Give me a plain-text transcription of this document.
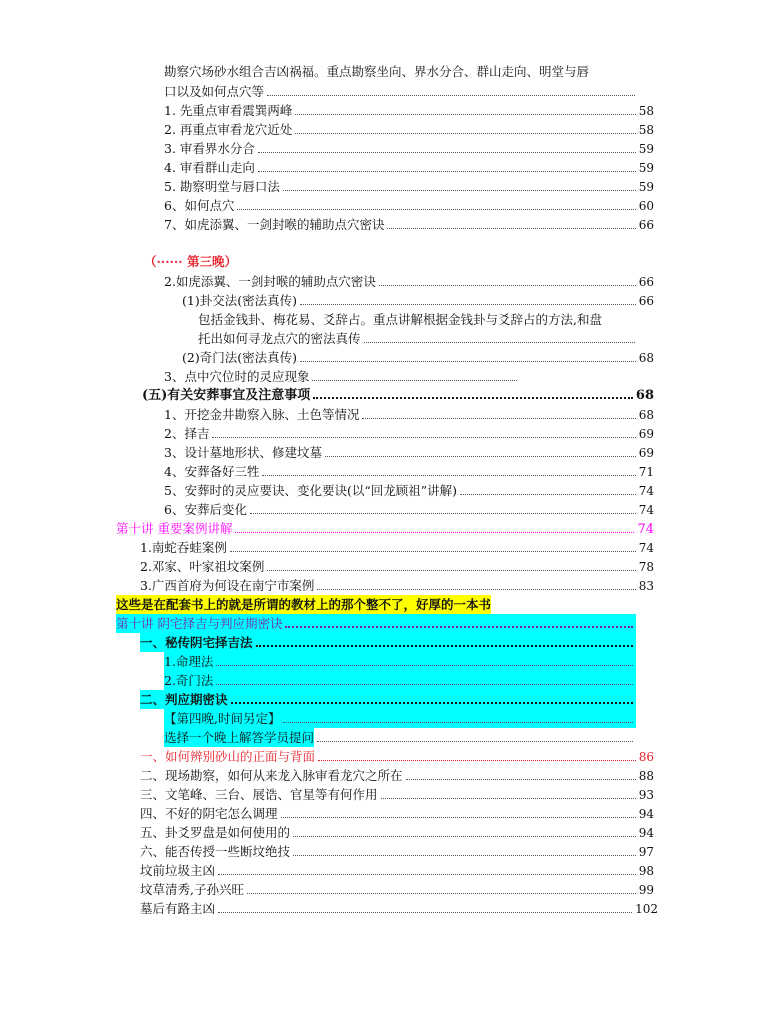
勘察穴场砂水组合吉凶祸福。重点勘察坐向、界水分合、群山走向、明堂与唇
口以及如何点穴等
1. 先重点审看震巽两峰	58
2. 再重点审看龙穴近处	58
3. 审看界水分合	59
4. 审看群山走向	59
5. 勘察明堂与唇口法	59
6、如何点穴	60
7、如虎添翼、一剑封喉的辅助点穴密诀	66
（······ 第三晚）
2.如虎添翼、一剑封喉的辅助点穴密诀	66
(1)卦交法(密法真传)	66
包括金钱卦、梅花易、爻辞占。重点讲解根据金钱卦与爻辞占的方法,和盘
托出如何寻龙点穴的密法真传
(2)奇门法(密法真传)	68
3、点中穴位时的灵应现象
(五)有关安葬事宜及注意事项	68
1、开挖金井勘察入脉、土色等情况	68
2、择吉	69
3、设计墓地形状、修建坟墓	69
4、安葬备好三牲	71
5、安葬时的灵应要诀、变化要诀(以“回龙顾祖”讲解)	74
6、安葬后变化	74
第十讲 重要案例讲解	74
1.南蛇吞蛙案例	74
2.邓家、叶家祖坟案例	78
3.广西首府为何设在南宁市案例	83
这些是在配套书上的就是所谓的教材上的那个整不了，好厚的一本书
第十讲 阴宅择吉与判应期密诀
一、秘传阴宅择吉法
1.命理法
2.奇门法
二、判应期密诀
【第四晚,时间另定】
选择一个晚上解答学员提问
一、如何辨别砂山的正面与背面	86
二、现场勘察，如何从来龙入脉审看龙穴之所在	88
三、文笔峰、三台、展诰、官星等有何作用	93
四、不好的阴宅怎么调理	94
五、卦爻罗盘是如何使用的	94
六、能否传授一些断坟绝技	97
坟前垃圾主凶	98
坟草清秀,子孙兴旺	99
墓后有路主凶	102
